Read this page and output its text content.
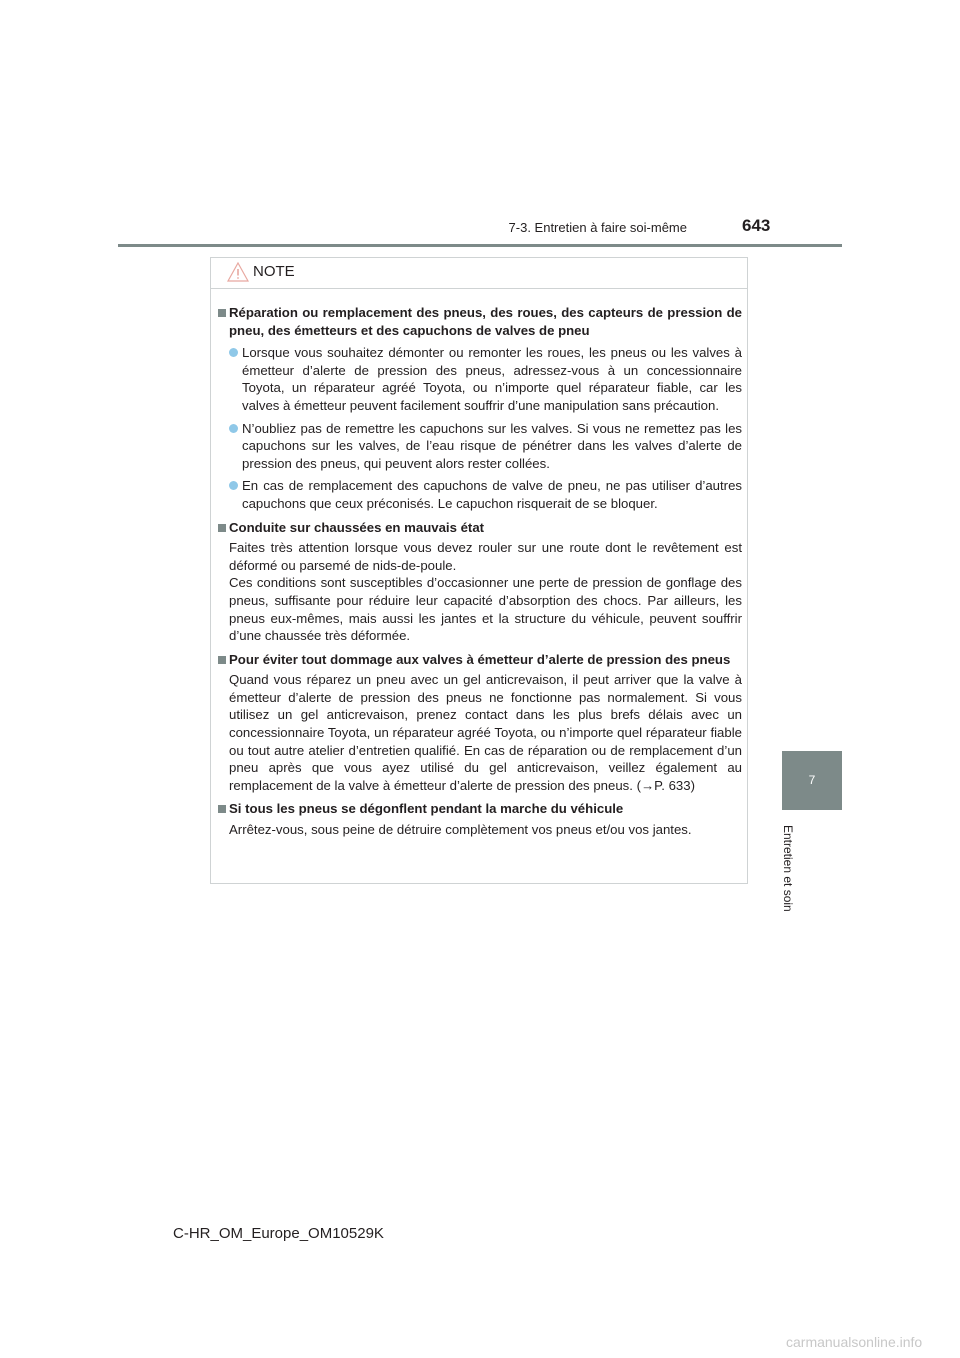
7-3. Entretien à faire soi-même	643
7
Entretien et soin
NOTE
Réparation ou remplacement des pneus, des roues, des capteurs de pression de pneu, des émetteurs et des capuchons de valves de pneu
Lorsque vous souhaitez démonter ou remonter les roues, les pneus ou les valves à émetteur d’alerte de pression des pneus, adressez-vous à un concessionnaire Toyota, un réparateur agréé Toyota, ou n’importe quel réparateur fiable, car les valves à émetteur peuvent facilement souffrir d’une manipulation sans précaution.
N’oubliez pas de remettre les capuchons sur les valves. Si vous ne remettez pas les capuchons sur les valves, de l’eau risque de pénétrer dans les valves d’alerte de pression des pneus, qui peuvent alors rester collées.
En cas de remplacement des capuchons de valve de pneu, ne pas utiliser d’autres capuchons que ceux préconisés. Le capuchon risquerait de se bloquer.
Conduite sur chaussées en mauvais état
Faites très attention lorsque vous devez rouler sur une route dont le revêtement est déformé ou parsemé de nids-de-poule.
Ces conditions sont susceptibles d’occasionner une perte de pression de gonflage des pneus, suffisante pour réduire leur capacité d’absorption des chocs. Par ailleurs, les pneus eux-mêmes, mais aussi les jantes et la structure du véhicule, peuvent souffrir d’une chaussée très déformée.
Pour éviter tout dommage aux valves à émetteur d’alerte de pression des pneus
Quand vous réparez un pneu avec un gel anticrevaison, il peut arriver que la valve à émetteur d’alerte de pression des pneus ne fonctionne pas normalement. Si vous utilisez un gel anticrevaison, prenez contact dans les plus brefs délais avec un concessionnaire Toyota, un réparateur agréé Toyota, ou n’importe quel réparateur fiable ou tout autre atelier d’entretien qualifié. En cas de réparation ou de remplacement d’un pneu après que vous ayez utilisé du gel anticrevaison, veillez également au remplacement de la valve à émetteur d’alerte de pression des pneus. (→P. 633)
Si tous les pneus se dégonflent pendant la marche du véhicule
Arrêtez-vous, sous peine de détruire complètement vos pneus et/ou vos jantes.
C-HR_OM_Europe_OM10529K
carmanualsonline.info
